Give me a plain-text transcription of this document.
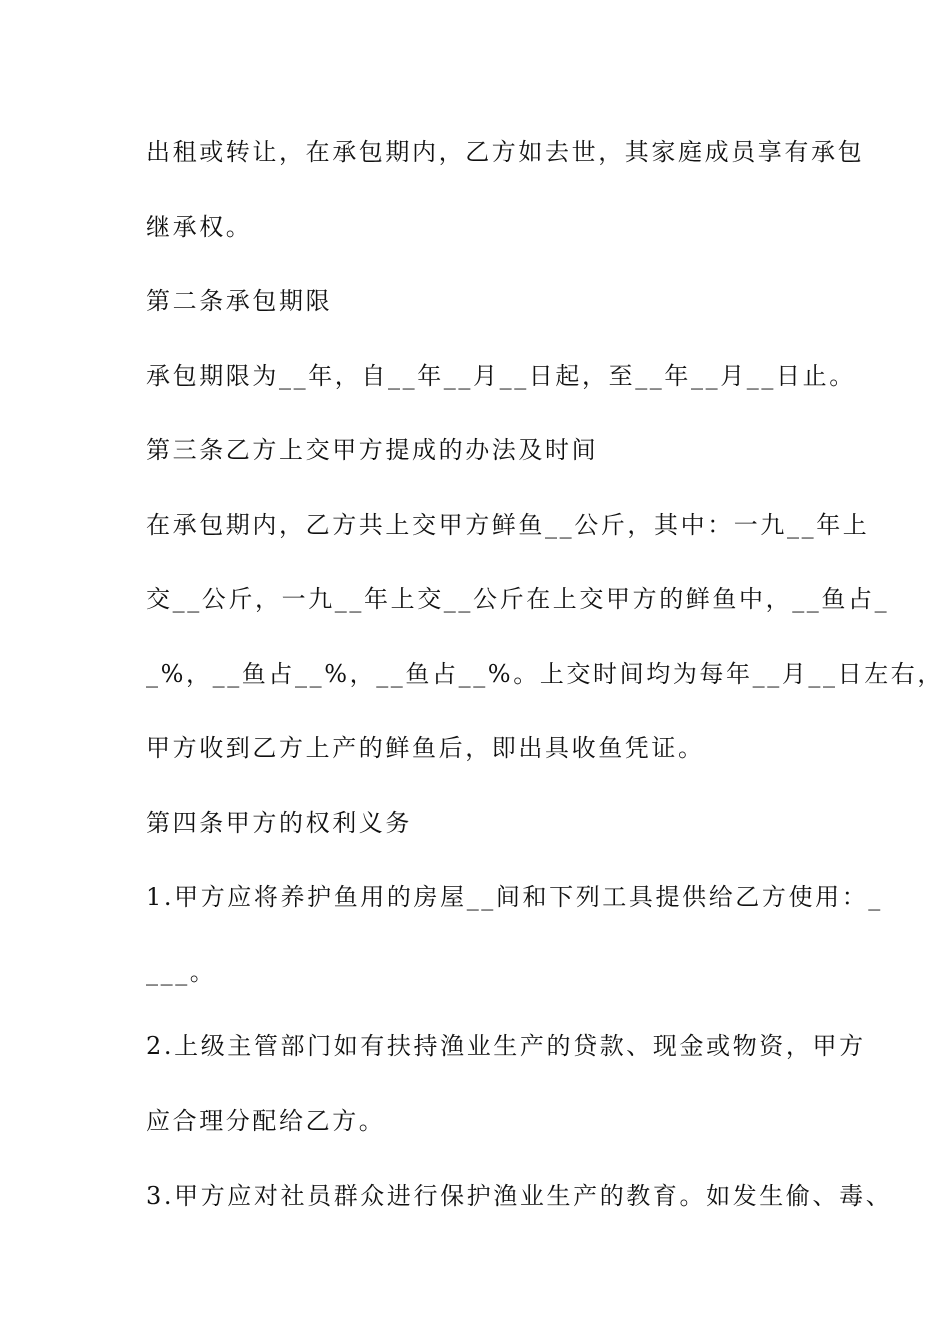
出租或转让，在承包期内，乙方如去世，其家庭成员享有承包
继承权。
第二条承包期限
承包期限为__年，自__年__月__日起，至__年__月__日止。
第三条乙方上交甲方提成的办法及时间
在承包期内，乙方共上交甲方鲜鱼__公斤，其中：一九__年上
交__公斤，一九__年上交__公斤在上交甲方的鲜鱼中，__鱼占_
_%，__鱼占__%，__鱼占__%。上交时间均为每年__月__日左右，
甲方收到乙方上产的鲜鱼后，即出具收鱼凭证。
第四条甲方的权利义务
1.甲方应将养护鱼用的房屋__间和下列工具提供给乙方使用：_
___。
2.上级主管部门如有扶持渔业生产的贷款、现金或物资，甲方
应合理分配给乙方。
3.甲方应对社员群众进行保护渔业生产的教育。如发生偷、毒、
